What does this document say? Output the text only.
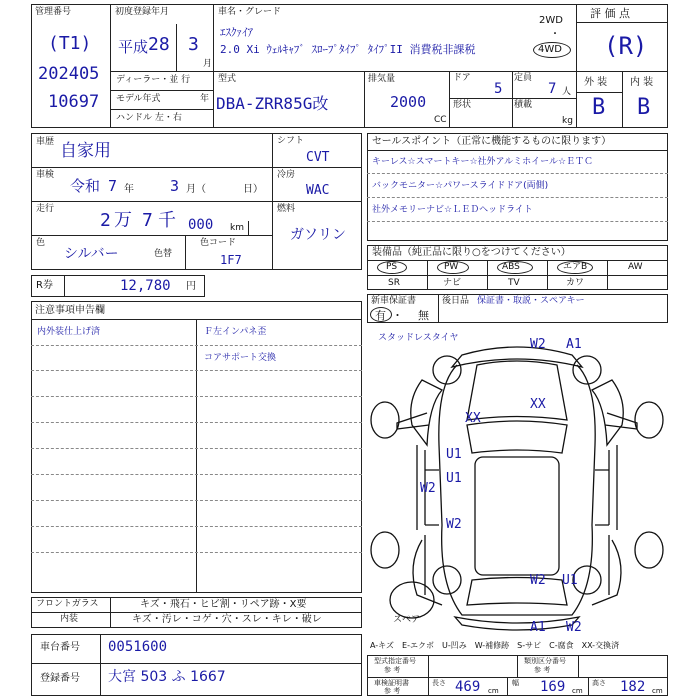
管理番号
(T1)
202405
10697
初度登録年月
平成 28 3
月
車名・グレード
ｴｽｸｧｲｱ
2.0 Xi ｳｪﾙｷｬﾌﾞ ｽﾛｰﾌﾟﾀｲﾌﾟ ﾀｲﾌﾟII 消費税非課税
2WD
・
4WD
評 価 点
(R)
ディーラー・並 行
モデル年式	年
ハンドル 左・右
型式
DBA-ZRR85G改
排気量
2000
CC
ドア
5
定員
7 人
形状	積載
kg
外 装
B
内 装
B
車歴 自家用	シフト
CVT
車検
令和 7 年 3 月（	日）
冷房
WAC
走行
2 万 7 千 000 km
燃料
ガソリン
色
シルバー	色替
色コード
1F7
R券	12,780 円
セールスポイント（正常に機能するものに限ります）
キーレス☆スマートキー☆社外アルミホイール☆ＥＴＣ
バックモニター☆パワースライドドア(両側)
社外メモリーナビ☆ＬＥＤヘッドライト
装備品（純正品に限り○をつけてください）
PS	PW	ABS	エアB	AW
SR	ナビ	TV	カワ
新車保証書
有 ・ 無
後日品 保証書・取説・スペアキー
注意事項申告欄
内外装仕上げ済	Ｆ左インパネ歪
コアサポート交換
スタッドレスタイヤ
スペア
W2 A1
XX
XX
U1
U1
W2
W2
W2 U1
A1 W2
フロントガラス	キズ・飛石・ヒビ割・リペア跡・X要
内装	キズ・汚レ・コゲ・穴・スレ・キレ・破レ
車台番号 0051600
登録番号 大宮 503 ふ 1667
A-キズ　E-エクボ　U-凹み　W-補修跡　S-サビ　C-腐食　XX-交換済
型式指定番号
参 考
類別区分番号
参 考
車検証明書
参 考
長さ 469 cm
幅 169 cm
高さ 182 cm
